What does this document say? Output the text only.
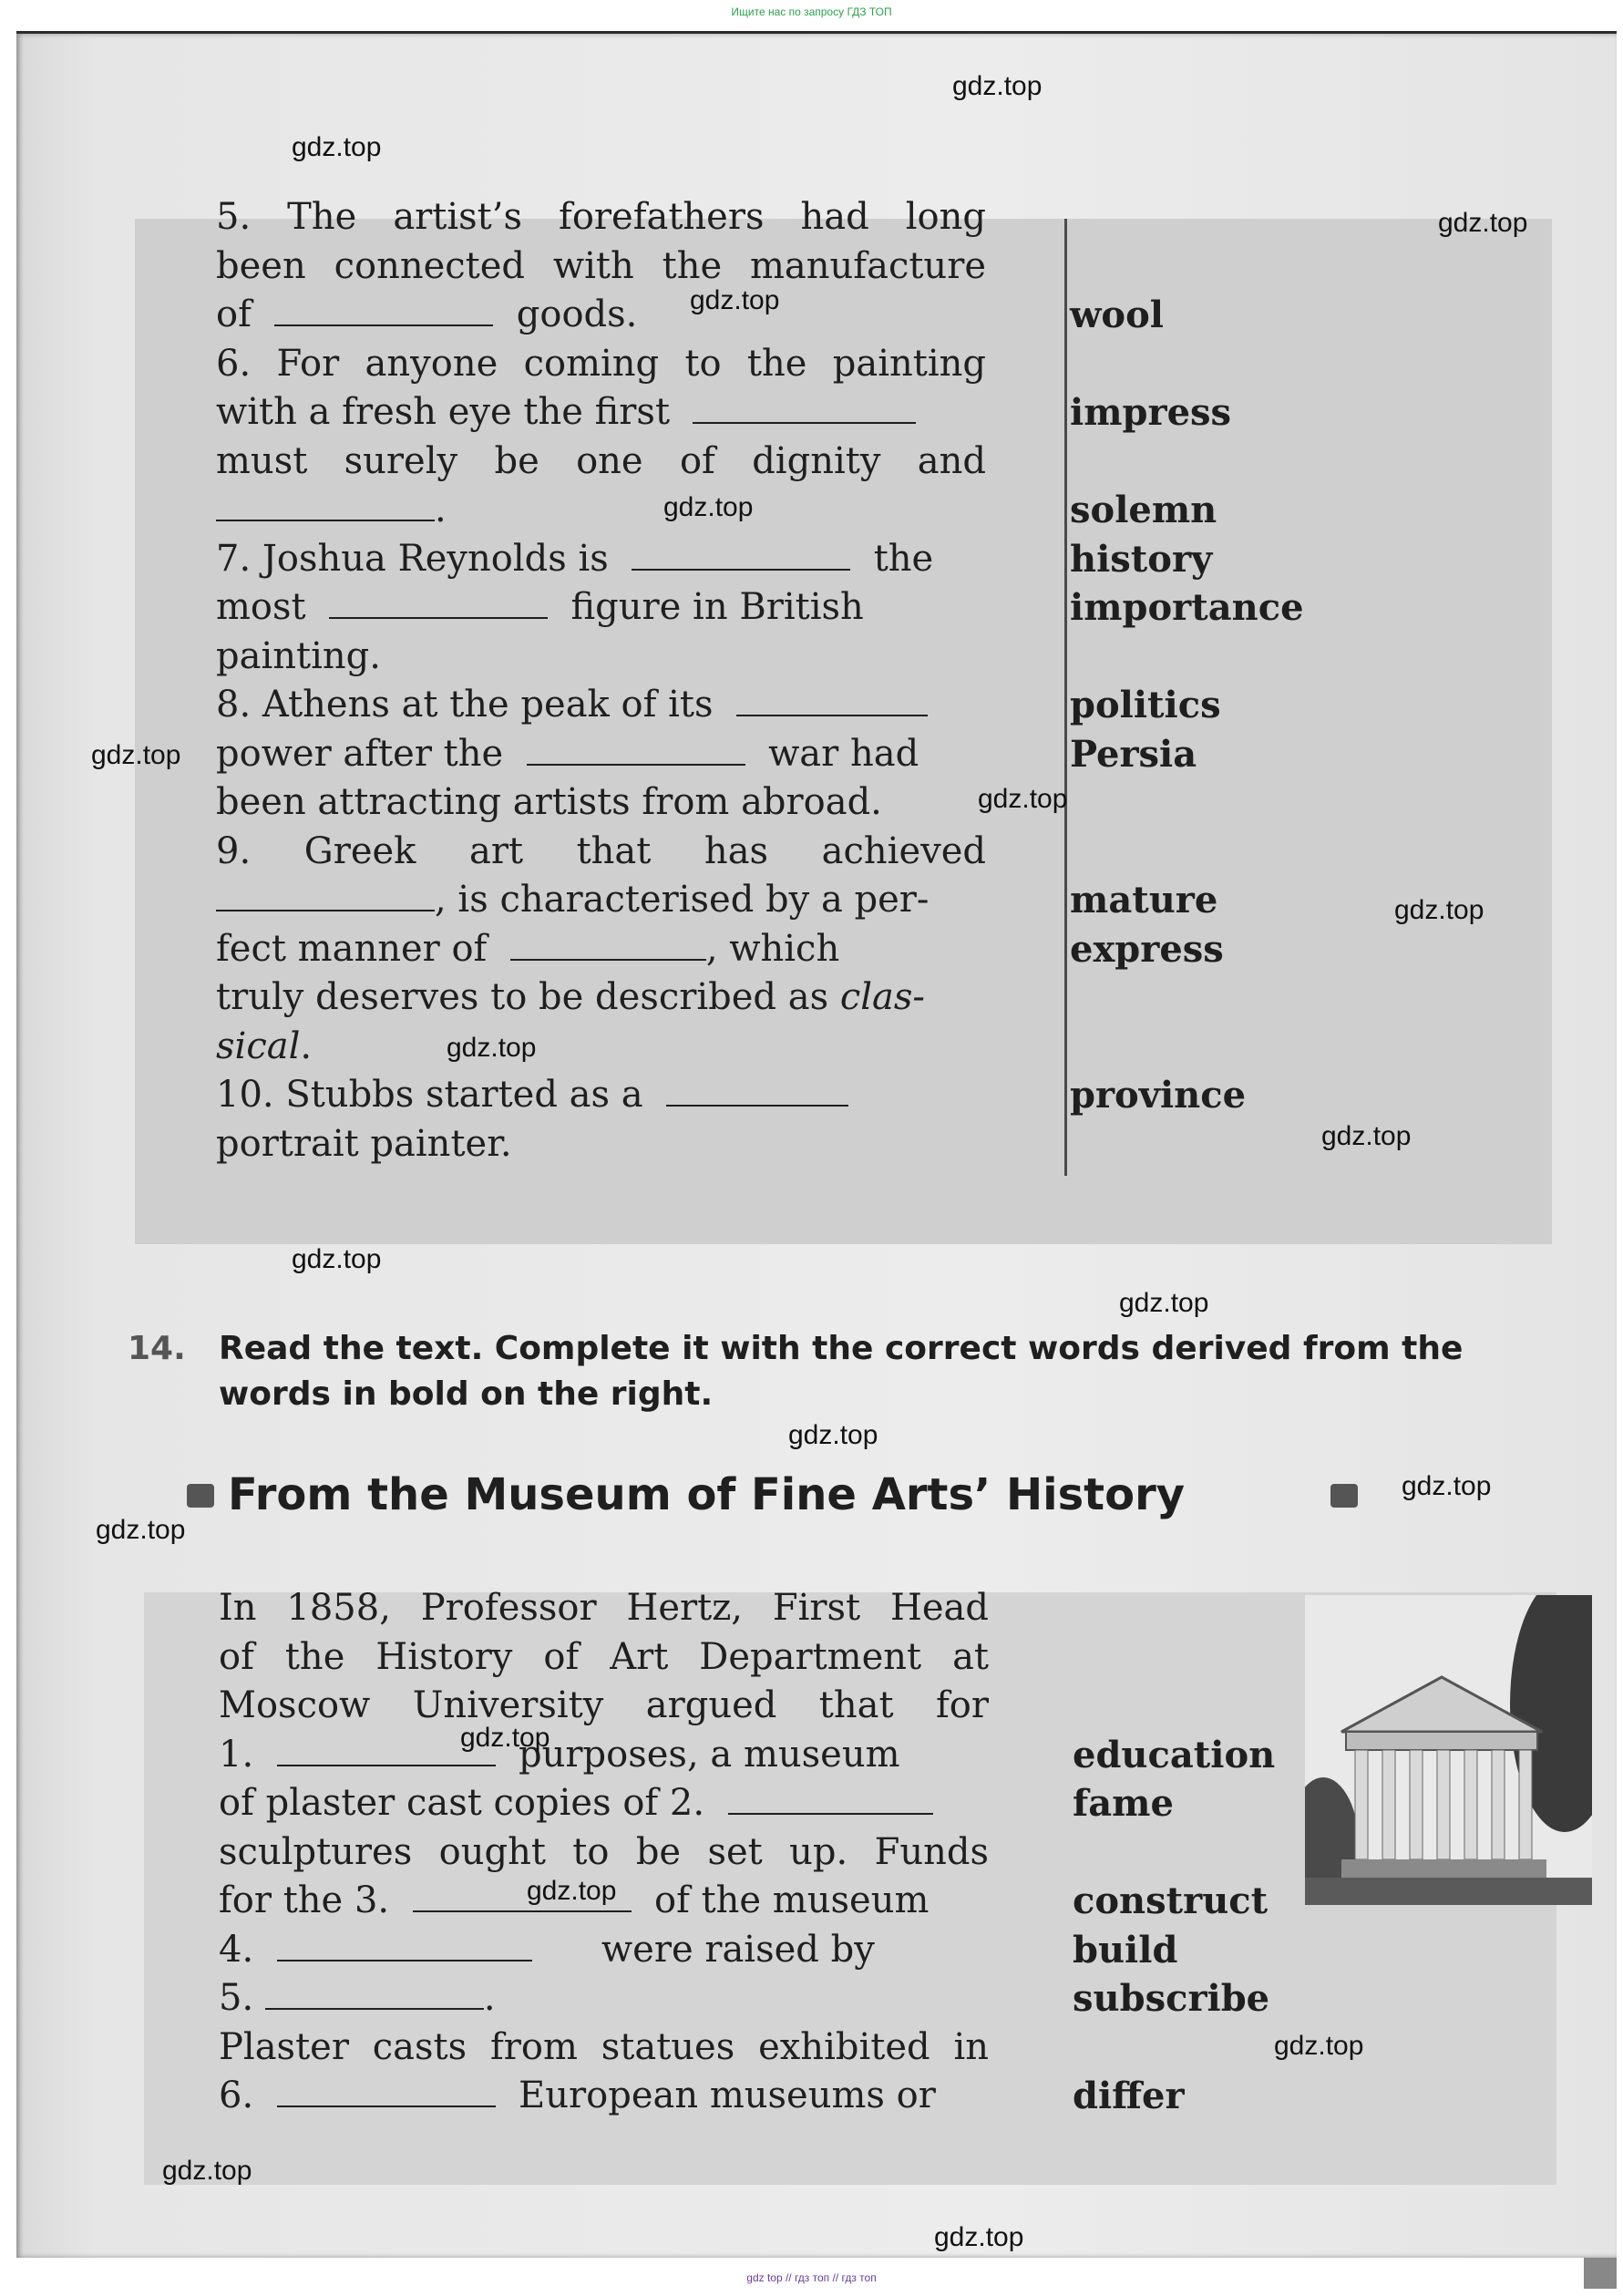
Ищите нас по запросу ГДЗ ТОП
5. The artist’s forefathers had long
been connected with the manufacture
of	goods.	wool
6. For anyone coming to the painting
with a fresh eye the first	impress
must surely be one of dignity and
.	solemn
7. Joshua Reynolds is	the	history
most	figure in British	importance
painting.
8. Athens at the peak of its	politics
power after the	war had	Persia
been attracting artists from abroad.
9. Greek art that has achieved
, is characterised by a per-	mature
fect manner of	, which	express
truly deserves to be described as clas-
sical.
10. Stubbs started as a	province
portrait painter.
14. Read the text. Complete it with the correct words derived from the words in bold on the right.
From the Museum of Fine Arts’ History
In 1858, Professor Hertz, First Head
of the History of Art Department at
Moscow University argued that for
1.	purposes, a museum	education
of plaster cast copies of 2.	fame
sculptures ought to be set up. Funds
for the 3.	of the museum	construct
4.	were raised by	build
5.	.	subscribe
Plaster casts from statues exhibited in
6.	European museums or	differ
gdz.top
gdz.top
gdz.top
gdz.top
gdz.top
gdz.top
gdz.top
gdz.top
gdz.top
gdz.top
gdz.top
gdz.top
gdz.top
gdz.top
gdz.top
gdz.top
gdz.top
gdz.top
gdz.top
gdz.top
gdz top // гдз топ // гдз топ
